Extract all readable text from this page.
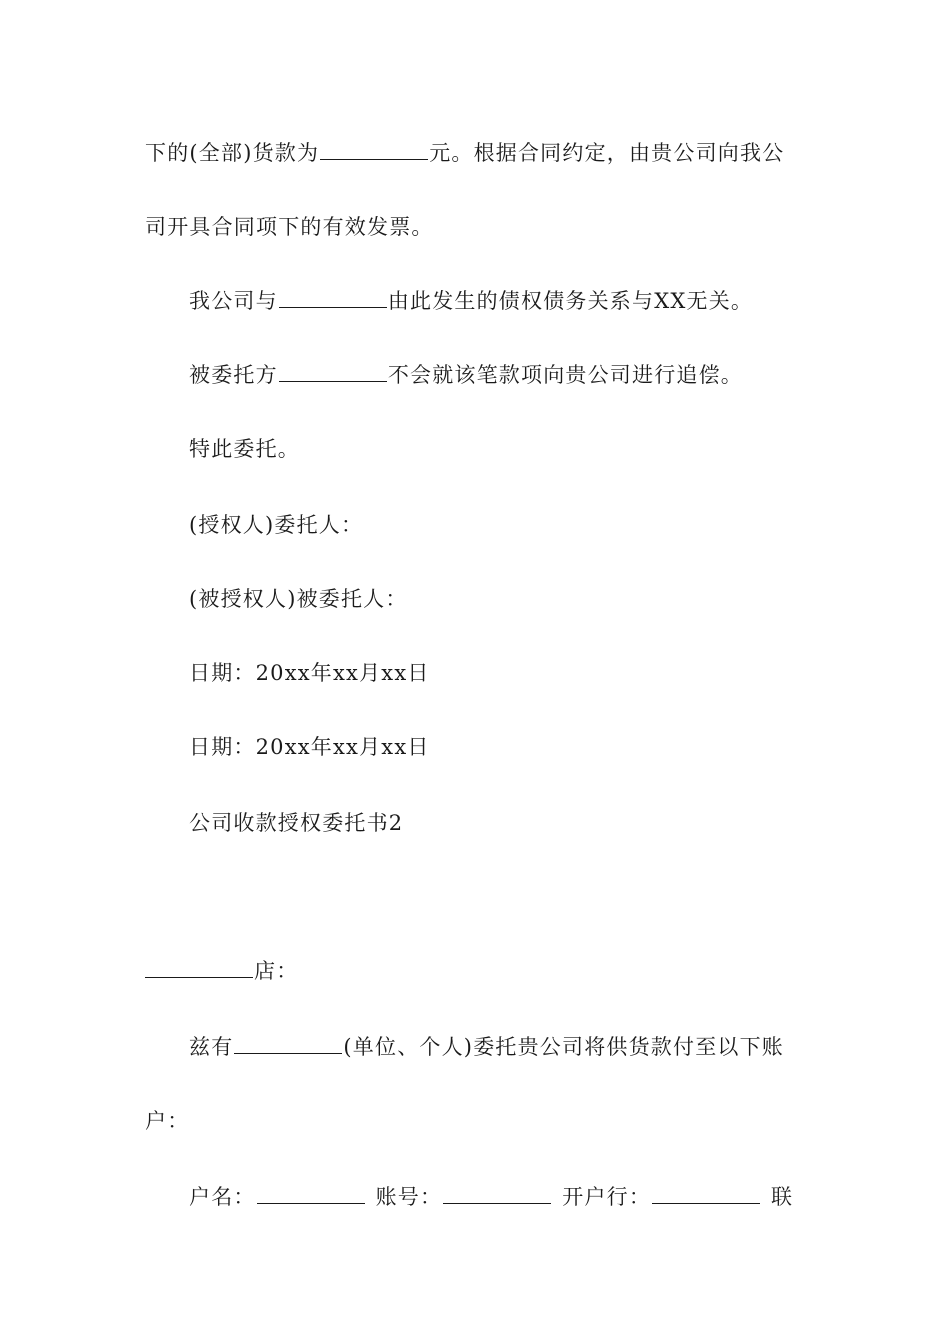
下的(全部)货款为	元。根据合同约定，由贵公司向我公
司开具合同项下的有效发票。
我公司与	由此发生的债权债务关系与XX无关。
被委托方	不会就该笔款项向贵公司进行追偿。
特此委托。
(授权人)委托人：
(被授权人)被委托人：
日期：20xx年xx月xx日
日期：20xx年xx月xx日
公司收款授权委托书2
店：
兹有	(单位、个人)委托贵公司将供货款付至以下账
户：
户名：	账号：	开户行：	联
